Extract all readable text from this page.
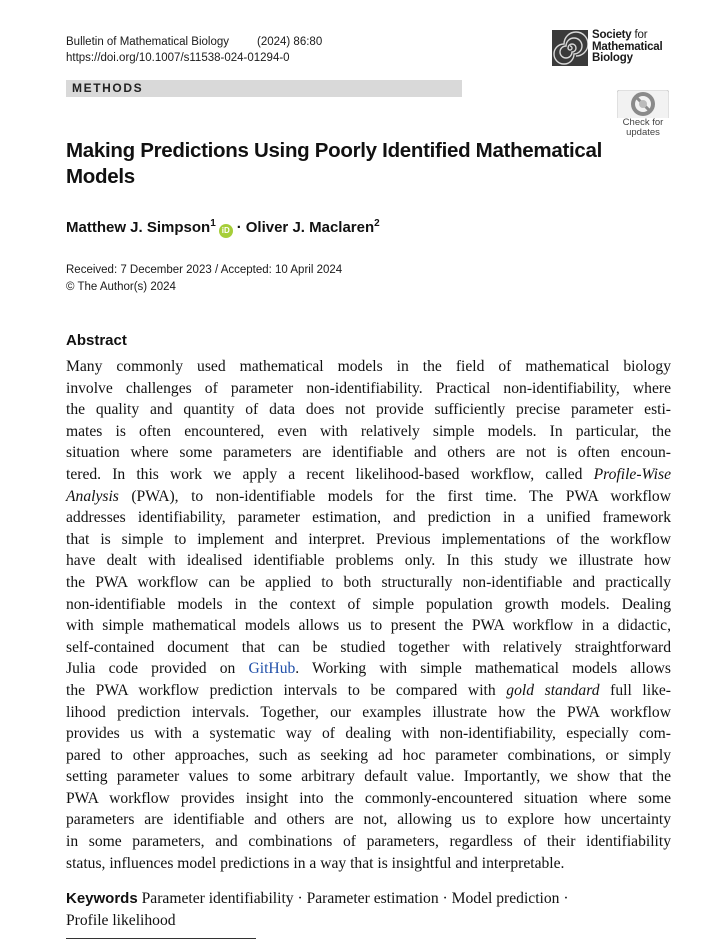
Bulletin of Mathematical Biology (2024) 86:80
https://doi.org/10.1007/s11538-024-01294-0
Society for
Mathematical
Biology
METHODS
Check for
updates
Making Predictions Using Poorly Identified Mathematical Models
Matthew J. Simpson$^1$iD · Oliver J. Maclaren$^2$
Received: 7 December 2023 / Accepted: 10 April 2024
© The Author(s) 2024
Abstract
Many commonly used mathematical models in the field of mathematical biology
involve challenges of parameter non-identifiability. Practical non-identifiability, where
the quality and quantity of data does not provide sufficiently precise parameter esti-
mates is often encountered, even with relatively simple models. In particular, the
situation where some parameters are identifiable and others are not is often encoun-
tered. In this work we apply a recent likelihood-based workflow, called Profile-Wise
Analysis (PWA), to non-identifiable models for the first time. The PWA workflow
addresses identifiability, parameter estimation, and prediction in a unified framework
that is simple to implement and interpret. Previous implementations of the workflow
have dealt with idealised identifiable problems only. In this study we illustrate how
the PWA workflow can be applied to both structurally non-identifiable and practically
non-identifiable models in the context of simple population growth models. Dealing
with simple mathematical models allows us to present the PWA workflow in a didactic,
self-contained document that can be studied together with relatively straightforward
Julia code provided on GitHub. Working with simple mathematical models allows
the PWA workflow prediction intervals to be compared with gold standard full like-
lihood prediction intervals. Together, our examples illustrate how the PWA workflow
provides us with a systematic way of dealing with non-identifiability, especially com-
pared to other approaches, such as seeking ad hoc parameter combinations, or simply
setting parameter values to some arbitrary default value. Importantly, we show that the
PWA workflow provides insight into the commonly-encountered situation where some
parameters are identifiable and others are not, allowing us to explore how uncertainty
in some parameters, and combinations of parameters, regardless of their identifiability
status, influences model predictions in a way that is insightful and interpretable.
Keywords Parameter identifiability · Parameter estimation · Model prediction ·
Profile likelihood
